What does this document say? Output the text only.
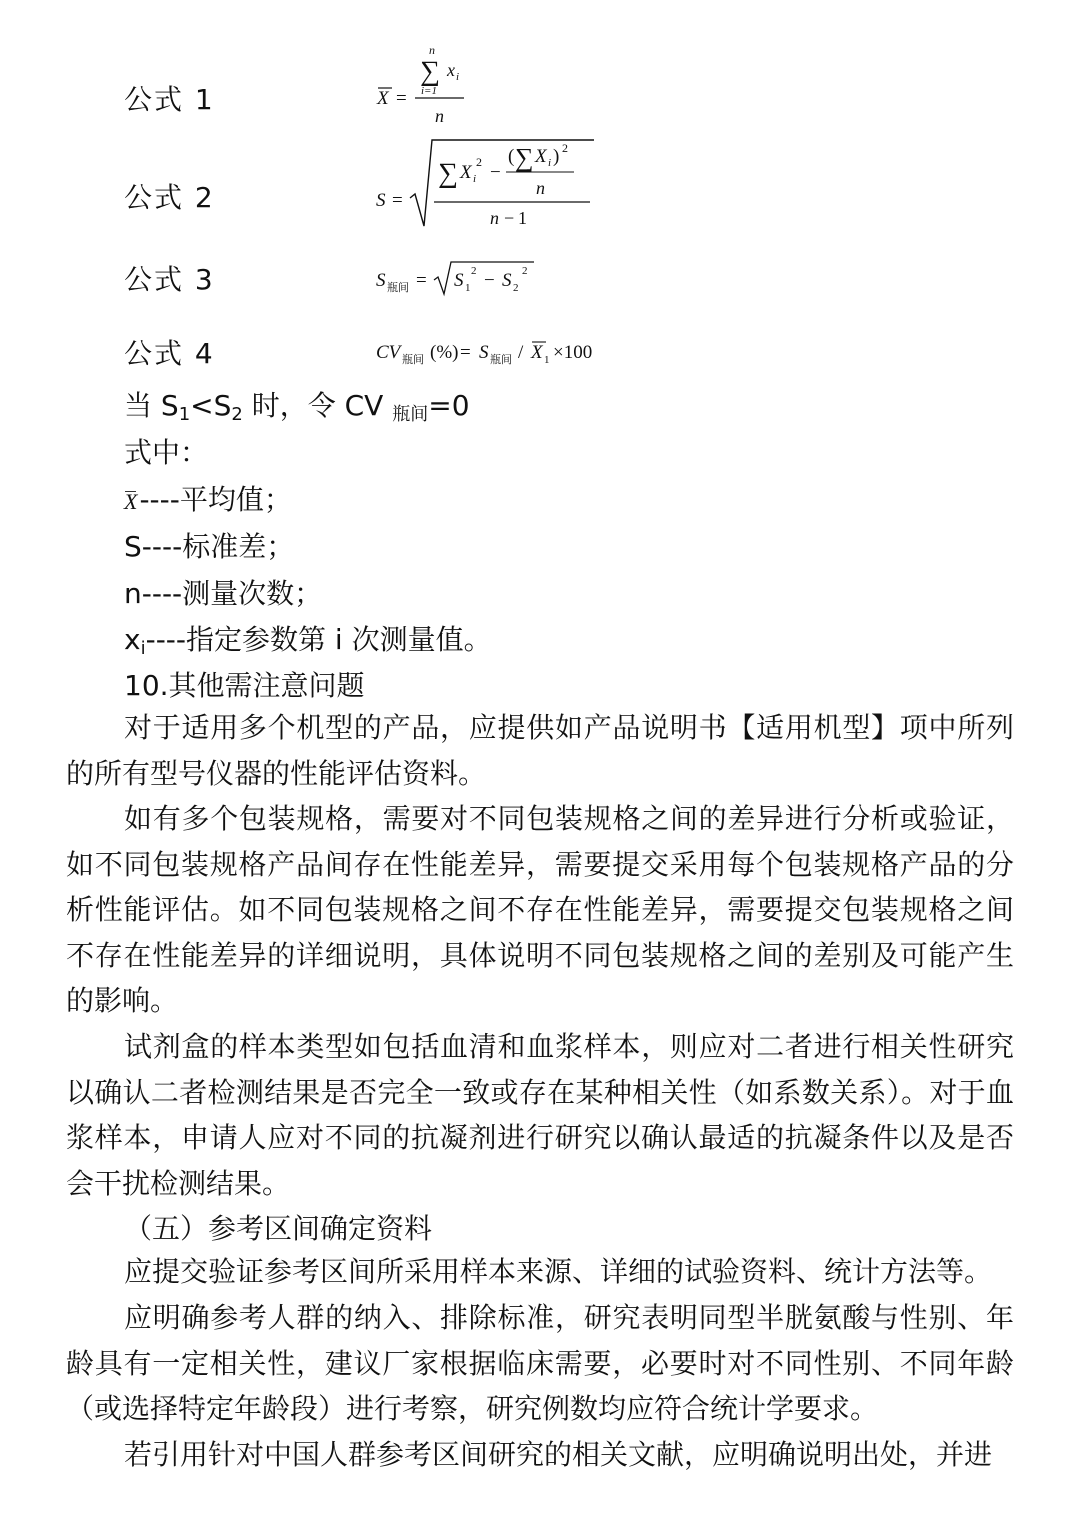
公式 1	X =
n
∑ x i
i=1
n
公式 2	S =
∑ X i
2 −
( ∑ X i ) 2
n
n − 1
公式 3	S 瓶间 = S 1
2 − S 2
2
公式 4	CV 瓶间 (%) = S 瓶间 / X 1 ×100
当 $S_1<S_2$ 时，令 CV $_{瓶间}$=0
式中：
X----平均值；
S----标准差；
n----测量次数；
$x_i----$指定参数第 i 次测量值。
10.其他需注意问题
对于适用多个机型的产品，应提供如产品说明书【适用机型】项中所列的所有型号仪器的性能评估资料。
如有多个包装规格，需要对不同包装规格之间的差异进行分析或验证，如不同包装规格产品间存在性能差异，需要提交采用每个包装规格产品的分析性能评估。如不同包装规格之间不存在性能差异，需要提交包装规格之间不存在性能差异的详细说明，具体说明不同包装规格之间的差别及可能产生的影响。
试剂盒的样本类型如包括血清和血浆样本，则应对二者进行相关性研究以确认二者检测结果是否完全一致或存在某种相关性（如系数关系）。对于血浆样本，申请人应对不同的抗凝剂进行研究以确认最适的抗凝条件以及是否会干扰检测结果。
（五）参考区间确定资料
应提交验证参考区间所采用样本来源、详细的试验资料、统计方法等。
应明确参考人群的纳入、排除标准，研究表明同型半胱氨酸与性别、年龄具有一定相关性，建议厂家根据临床需要，必要时对不同性别、不同年龄（或选择特定年龄段）进行考察，研究例数均应符合统计学要求。
若引用针对中国人群参考区间研究的相关文献，应明确说明出处，并进
